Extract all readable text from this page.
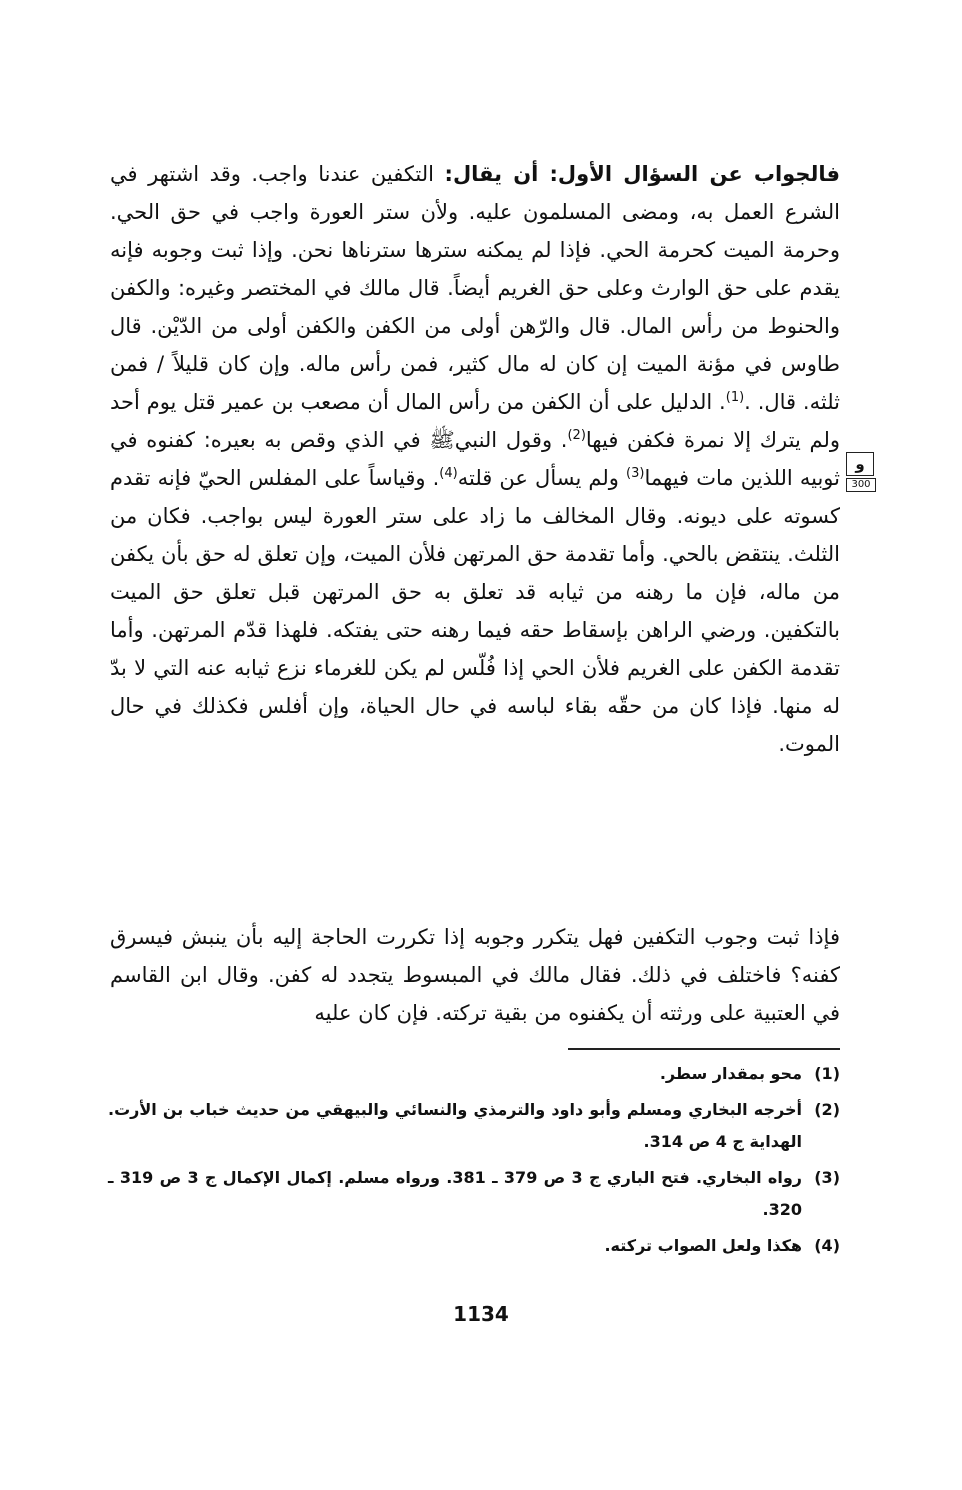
فالجواب عن السؤال الأول: أن يقال: التكفين عندنا واجب. وقد اشتهر في الشرع العمل به، ومضى المسلمون عليه. ولأن ستر العورة واجب في حق الحي. وحرمة الميت كحرمة الحي. فإذا لم يمكنه سترها سترناها نحن. وإذا ثبت وجوبه فإنه يقدم على حق الوارث وعلى حق الغريم أيضاً. قال مالك في المختصر وغيره: والكفن والحنوط من رأس المال. قال والرّهن أولى من الكفن والكفن أولى من الدّيْن. قال طاوس في مؤنة الميت إن كان له مال كثير، فمن رأس ماله. وإن كان قليلاً / فمن ثلثه. قال. .$^{(1)}$. الدليل على أن الكفن من رأس المال أن مصعب بن عمير قتل يوم أحد ولم يترك إلا نمرة فكفن فيها$^{(2)}$. وقول النبيﷺ في الذي وقص به بعيره: كفنوه في ثوبيه اللذين مات فيهما$^{(3)}$ ولم يسأل عن قلته$^{(4)}$. وقياساً على المفلس الحيّ فإنه تقدم كسوته على ديونه. وقال المخالف ما زاد على ستر العورة ليس بواجب. فكان من الثلث. ينتقض بالحي. وأما تقدمة حق المرتهن فلأن الميت، وإن تعلق له حق بأن يكفن من ماله، فإن ما رهنه من ثيابه قد تعلق به حق المرتهن قبل تعلق حق الميت بالتكفين. ورضي الراهن بإسقاط حقه فيما رهنه حتى يفتكه. فلهذا قدّم المرتهن. وأما تقدمة الكفن على الغريم فلأن الحي إذا فُلّس لم يكن للغرماء نزع ثيابه عنه التي لا بدّ له منها. فإذا كان من حقّه بقاء لباسه في حال الحياة، وإن أفلس فكذلك في حال الموت.

و
300

فإذا ثبت وجوب التكفين فهل يتكرر وجوبه إذا تكررت الحاجة إليه بأن ينبش فيسرق كفنه؟ فاختلف في ذلك. فقال مالك في المبسوط يتجدد له كفن. وقال ابن القاسم في العتبية على ورثته أن يكفنوه من بقية تركته. فإن كان عليه

(1)
محو بمقدار سطر.
(2)
أخرجه البخاري ومسلم وأبو داود والترمذي والنسائي والبيهقي من حديث خباب بن الأرت. الهداية ج 4 ص 314.
(3)
رواه البخاري. فتح الباري ج 3 ص 379 ـ 381. ورواه مسلم. إكمال الإكمال ج 3 ص 319 ـ 320.
(4)
هكذا ولعل الصواب تركته.
1134
